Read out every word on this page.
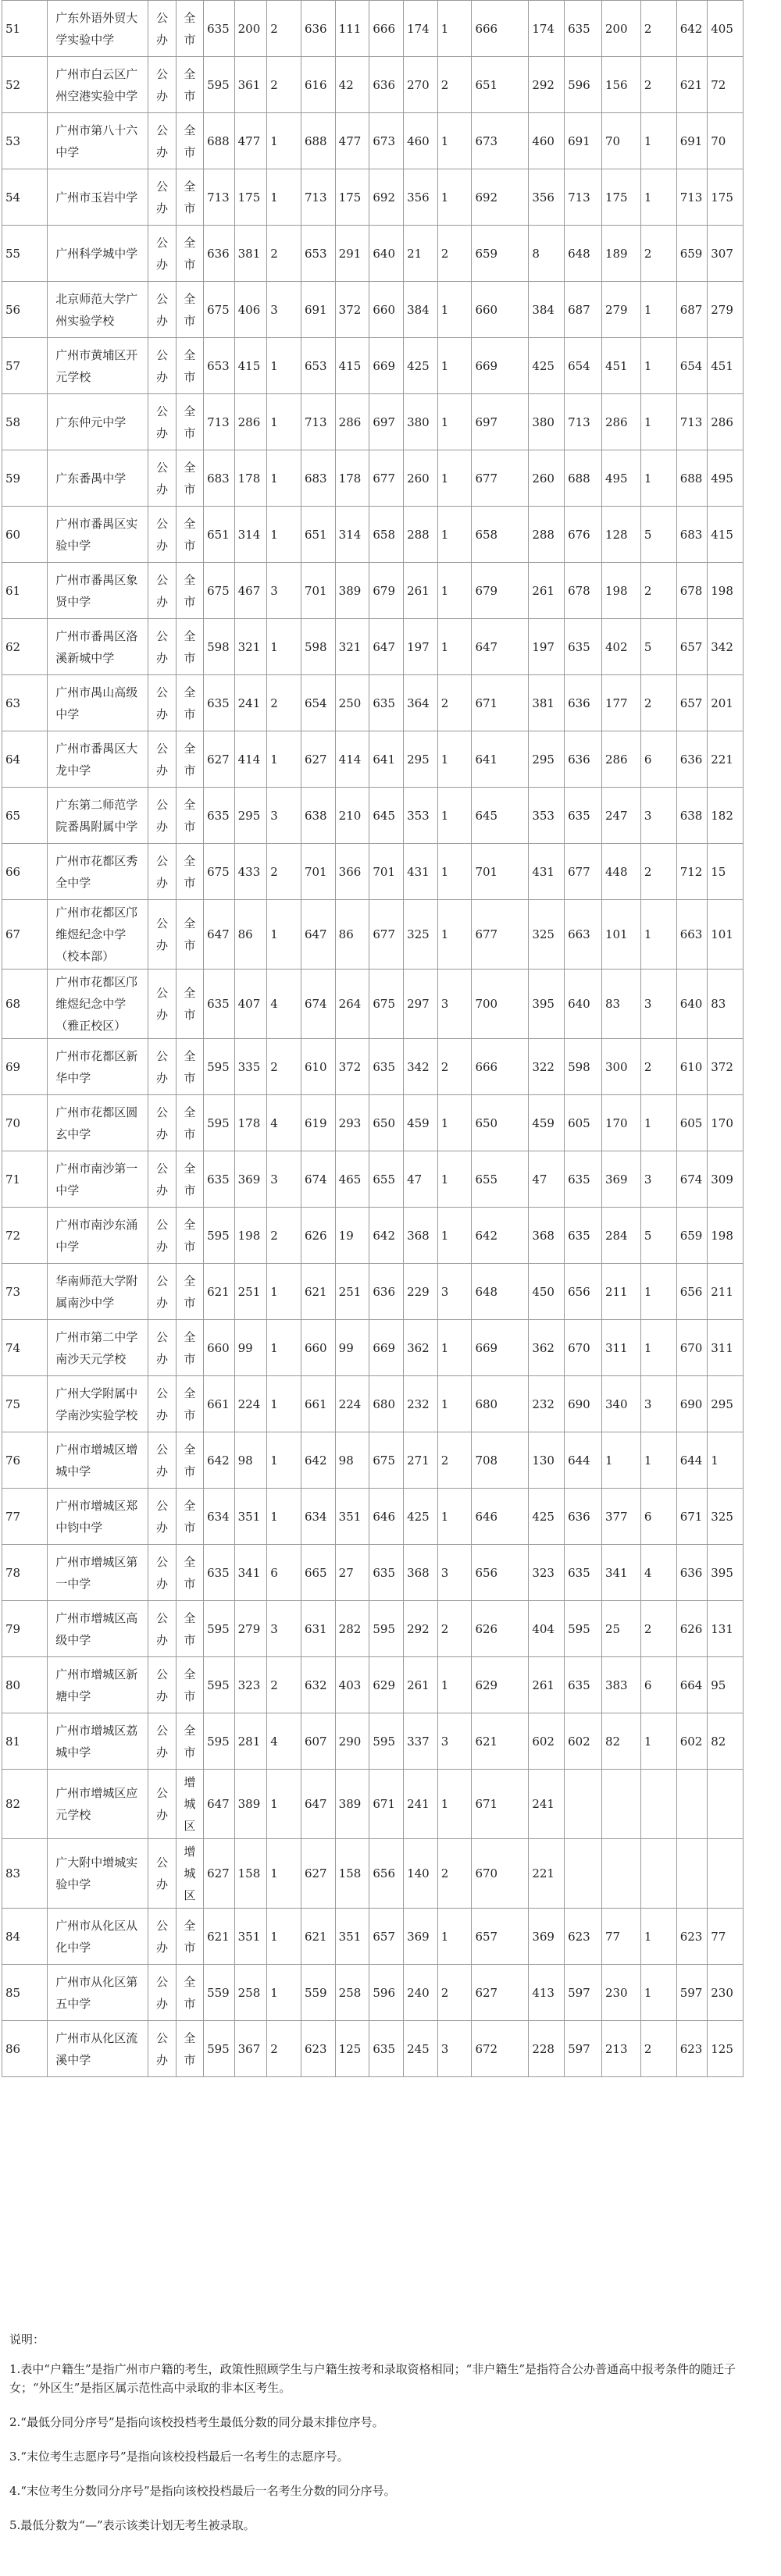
51	广东外语外贸大学实验中学	公办	全市	635	200	2	636	111	666	174	1	666	174	635	200	2	642	405
52	广州市白云区广州空港实验中学	公办	全市	595	361	2	616	42	636	270	2	651	292	596	156	2	621	72
53	广州市第八十六中学	公办	全市	688	477	1	688	477	673	460	1	673	460	691	70	1	691	70
54	广州市玉岩中学	公办	全市	713	175	1	713	175	692	356	1	692	356	713	175	1	713	175
55	广州科学城中学	公办	全市	636	381	2	653	291	640	21	2	659	8	648	189	2	659	307
56	北京师范大学广州实验学校	公办	全市	675	406	3	691	372	660	384	1	660	384	687	279	1	687	279
57	广州市黄埔区开元学校	公办	全市	653	415	1	653	415	669	425	1	669	425	654	451	1	654	451
58	广东仲元中学	公办	全市	713	286	1	713	286	697	380	1	697	380	713	286	1	713	286
59	广东番禺中学	公办	全市	683	178	1	683	178	677	260	1	677	260	688	495	1	688	495
60	广州市番禺区实验中学	公办	全市	651	314	1	651	314	658	288	1	658	288	676	128	5	683	415
61	广州市番禺区象贤中学	公办	全市	675	467	3	701	389	679	261	1	679	261	678	198	2	678	198
62	广州市番禺区洛溪新城中学	公办	全市	598	321	1	598	321	647	197	1	647	197	635	402	5	657	342
63	广州市禺山高级中学	公办	全市	635	241	2	654	250	635	364	2	671	381	636	177	2	657	201
64	广州市番禺区大龙中学	公办	全市	627	414	1	627	414	641	295	1	641	295	636	286	6	636	221
65	广东第二师范学院番禺附属中学	公办	全市	635	295	3	638	210	645	353	1	645	353	635	247	3	638	182
66	广州市花都区秀全中学	公办	全市	675	433	2	701	366	701	431	1	701	431	677	448	2	712	15
67	广州市花都区邝维煜纪念中学（校本部）	公办	全市	647	86	1	647	86	677	325	1	677	325	663	101	1	663	101
68	广州市花都区邝维煜纪念中学（雅正校区）	公办	全市	635	407	4	674	264	675	297	3	700	395	640	83	3	640	83
69	广州市花都区新华中学	公办	全市	595	335	2	610	372	635	342	2	666	322	598	300	2	610	372
70	广州市花都区圆玄中学	公办	全市	595	178	4	619	293	650	459	1	650	459	605	170	1	605	170
71	广州市南沙第一中学	公办	全市	635	369	3	674	465	655	47	1	655	47	635	369	3	674	309
72	广州市南沙东涌中学	公办	全市	595	198	2	626	19	642	368	1	642	368	635	284	5	659	198
73	华南师范大学附属南沙中学	公办	全市	621	251	1	621	251	636	229	3	648	450	656	211	1	656	211
74	广州市第二中学南沙天元学校	公办	全市	660	99	1	660	99	669	362	1	669	362	670	311	1	670	311
75	广州大学附属中学南沙实验学校	公办	全市	661	224	1	661	224	680	232	1	680	232	690	340	3	690	295
76	广州市增城区增城中学	公办	全市	642	98	1	642	98	675	271	2	708	130	644	1	1	644	1
77	广州市增城区郑中钧中学	公办	全市	634	351	1	634	351	646	425	1	646	425	636	377	6	671	325
78	广州市增城区第一中学	公办	全市	635	341	6	665	27	635	368	3	656	323	635	341	4	636	395
79	广州市增城区高级中学	公办	全市	595	279	3	631	282	595	292	2	626	404	595	25	2	626	131
80	广州市增城区新塘中学	公办	全市	595	323	2	632	403	629	261	1	629	261	635	383	6	664	95
81	广州市增城区荔城中学	公办	全市	595	281	4	607	290	595	337	3	621	602	602	82	1	602	82
82	广州市增城区应元学校	公办	增城区	647	389	1	647	389	671	241	1	671	241					
83	广大附中增城实验中学	公办	增城区	627	158	1	627	158	656	140	2	670	221					
84	广州市从化区从化中学	公办	全市	621	351	1	621	351	657	369	1	657	369	623	77	1	623	77
85	广州市从化区第五中学	公办	全市	559	258	1	559	258	596	240	2	627	413	597	230	1	597	230
86	广州市从化区流溪中学	公办	全市	595	367	2	623	125	635	245	3	672	228	597	213	2	623	125
说明：
1.表中“户籍生”是指广州市户籍的考生，政策性照顾学生与户籍生按考和录取资格相同；“非户籍生”是指符合公办普通高中报考条件的随迁子女；“外区生”是指区属示范性高中录取的非本区考生。
2.“最低分同分序号”是指向该校投档考生最低分数的同分最末排位序号。
3.“末位考生志愿序号”是指向该校投档最后一名考生的志愿序号。
4.“末位考生分数同分序号”是指向该校投档最后一名考生分数的同分序号。
5.最低分数为“—”表示该类计划无考生被录取。
